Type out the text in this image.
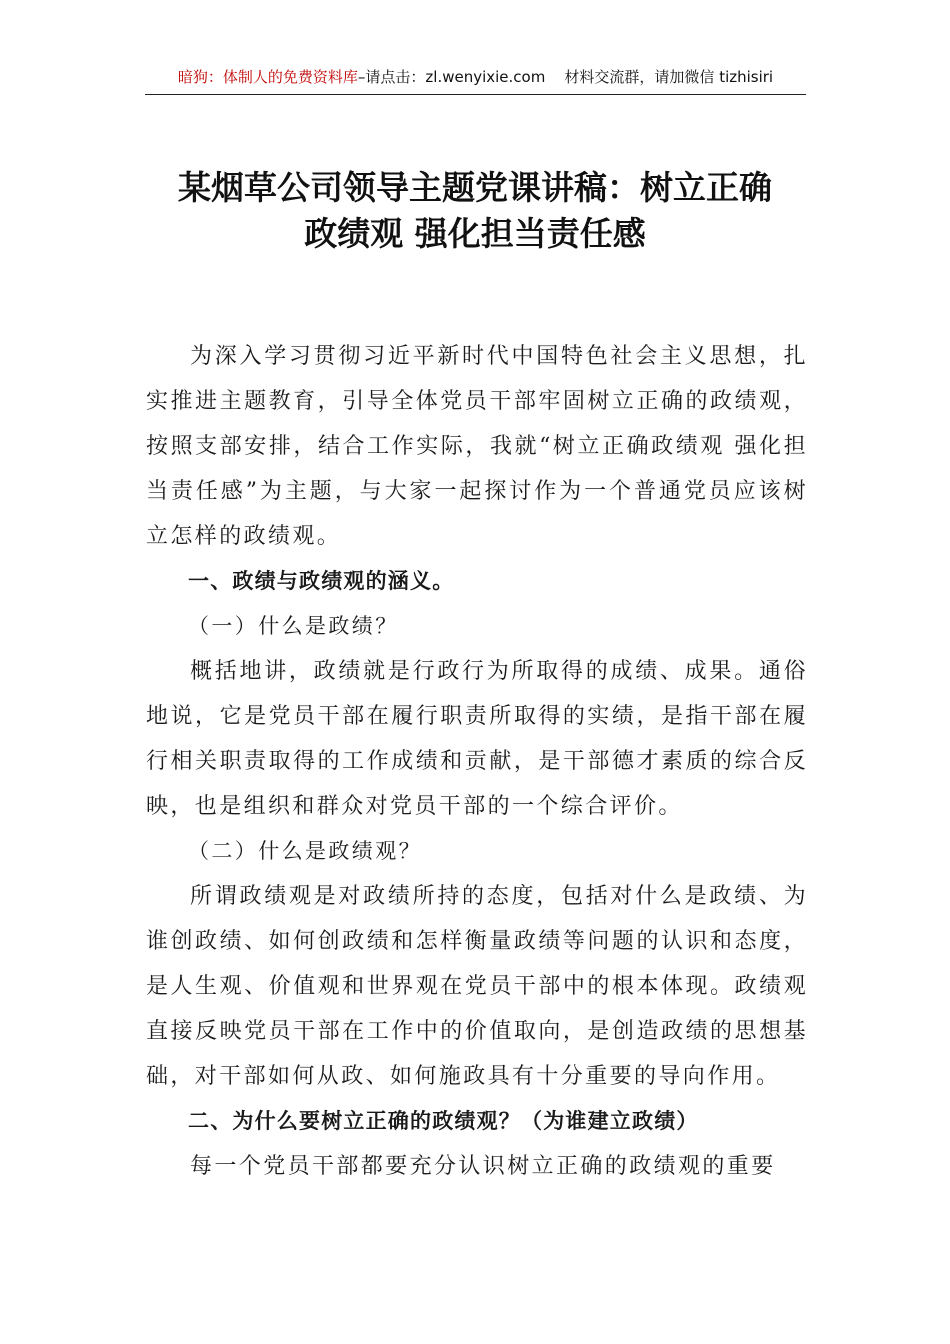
暗狗：体制人的免费资料库–请点击：zl.wenyixie.com 材料交流群，请加微信 tizhisiri
某烟草公司领导主题党课讲稿：树立正确
政绩观 强化担当责任感

为深入学习贯彻习近平新时代中国特色社会主义思想，扎实推进主题教育，引导全体党员干部牢固树立正确的政绩观，按照支部安排，结合工作实际，我就“树立正确政绩观 强化担当责任感”为主题，与大家一起探讨作为一个普通党员应该树立怎样的政绩观。

一、政绩与政绩观的涵义。

（一）什么是政绩？

概括地讲，政绩就是行政行为所取得的成绩、成果。通俗地说，它是党员干部在履行职责所取得的实绩，是指干部在履行相关职责取得的工作成绩和贡献，是干部德才素质的综合反映，也是组织和群众对党员干部的一个综合评价。

（二）什么是政绩观？

所谓政绩观是对政绩所持的态度，包括对什么是政绩、为谁创政绩、如何创政绩和怎样衡量政绩等问题的认识和态度，是人生观、价值观和世界观在党员干部中的根本体现。政绩观直接反映党员干部在工作中的价值取向，是创造政绩的思想基础，对干部如何从政、如何施政具有十分重要的导向作用。

二、为什么要树立正确的政绩观？（为谁建立政绩）

每一个党员干部都要充分认识树立正确的政绩观的重要
